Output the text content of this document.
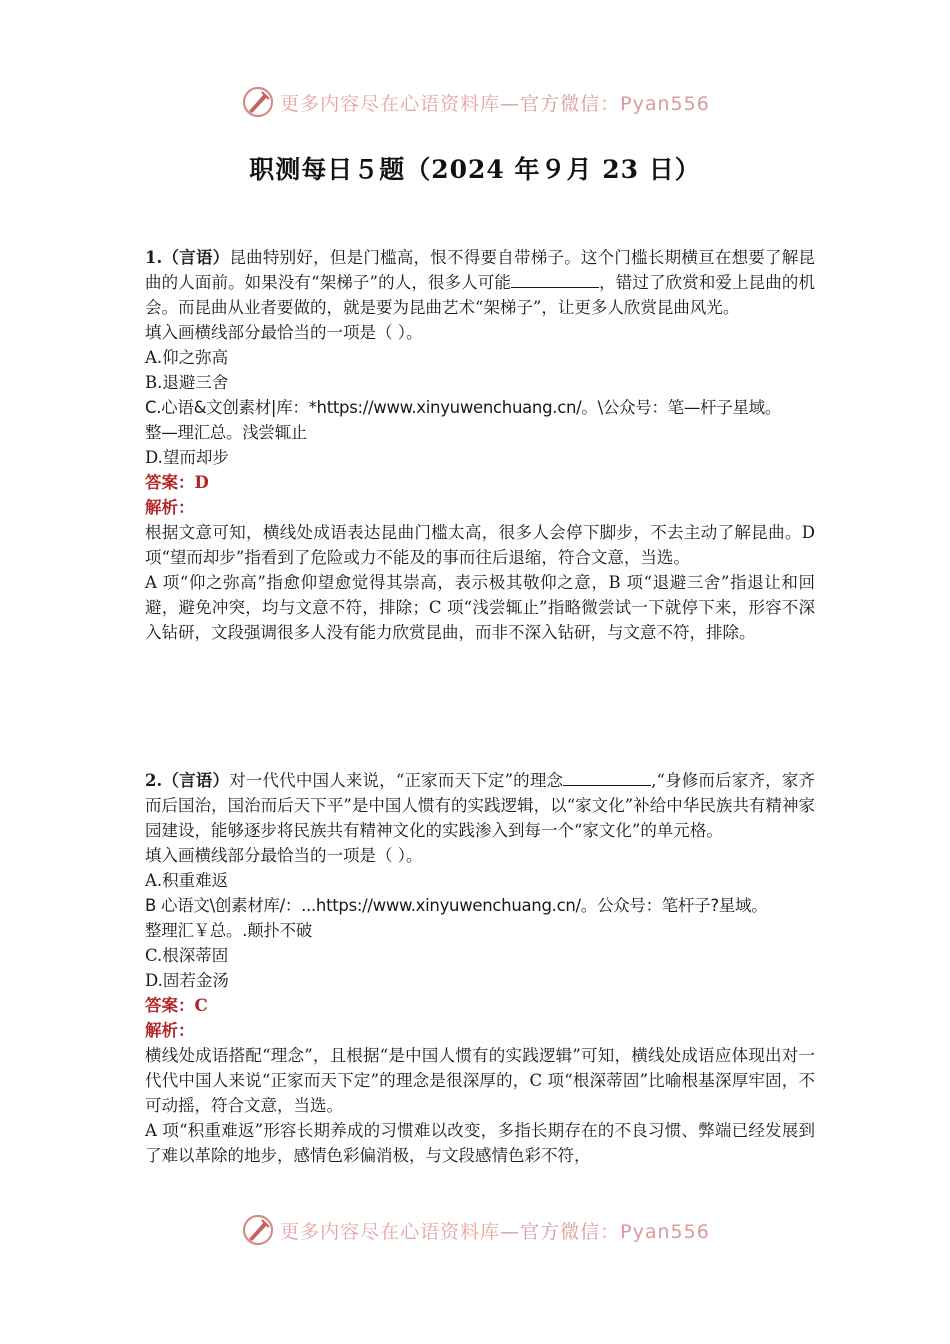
更多内容尽在心语资料库—官方微信：Pyan556
职测每日５题（2024 年９月 23 日）

1.（言语）昆曲特别好，但是门槛高，恨不得要自带梯子。这个门槛长期横亘在想要了解昆曲的人面前。如果没有“架梯子”的人，很多人可能	，错过了欣赏和爱上昆曲的机会。而昆曲从业者要做的，就是要为昆曲艺术“架梯子”，让更多人欣赏昆曲风光。

填入画横线部分最恰当的一项是（ ）。

A.仰之弥高

B.退避三舍

C.心语&文创素材|库：*https://www.xinyuwenchuang.cn/。\公众号：笔—杆子星域。

整—理汇总。浅尝辄止

D.望而却步

答案：D

解析：

根据文意可知，横线处成语表达昆曲门槛太高，很多人会停下脚步，不去主动了解昆曲。D 项“望而却步”指看到了危险或力不能及的事而往后退缩，符合文意，当选。

A 项“仰之弥高”指愈仰望愈觉得其崇高，表示极其敬仰之意，B 项“退避三舍”指退让和回避，避免冲突，均与文意不符，排除；C 项“浅尝辄止”指略微尝试一下就停下来，形容不深入钻研，文段强调很多人没有能力欣赏昆曲，而非不深入钻研，与文意不符，排除。

2.（言语）对一代代中国人来说，“正家而天下定”的理念	,“身修而后家齐，家齐而后国治，国治而后天下平”是中国人惯有的实践逻辑，以“家文化”补给中华民族共有精神家园建设，能够逐步将民族共有精神文化的实践渗入到每一个“家文化”的单元格。

填入画横线部分最恰当的一项是（ ）。

A.积重难返

B 心语文\创素材库/：...https://www.xinyuwenchuang.cn/。公众号：笔杆子?星域。

整理汇￥总。.颠扑不破

C.根深蒂固

D.固若金汤

答案：C

解析：

横线处成语搭配“理念”，且根据“是中国人惯有的实践逻辑”可知，横线处成语应体现出对一代代中国人来说“正家而天下定”的理念是很深厚的，C 项“根深蒂固”比喻根基深厚牢固，不可动摇，符合文意，当选。

A 项“积重难返”形容长期养成的习惯难以改变，多指长期存在的不良习惯、弊端已经发展到了难以革除的地步，感情色彩偏消极，与文段感情色彩不符，

更多内容尽在心语资料库—官方微信：Pyan556
